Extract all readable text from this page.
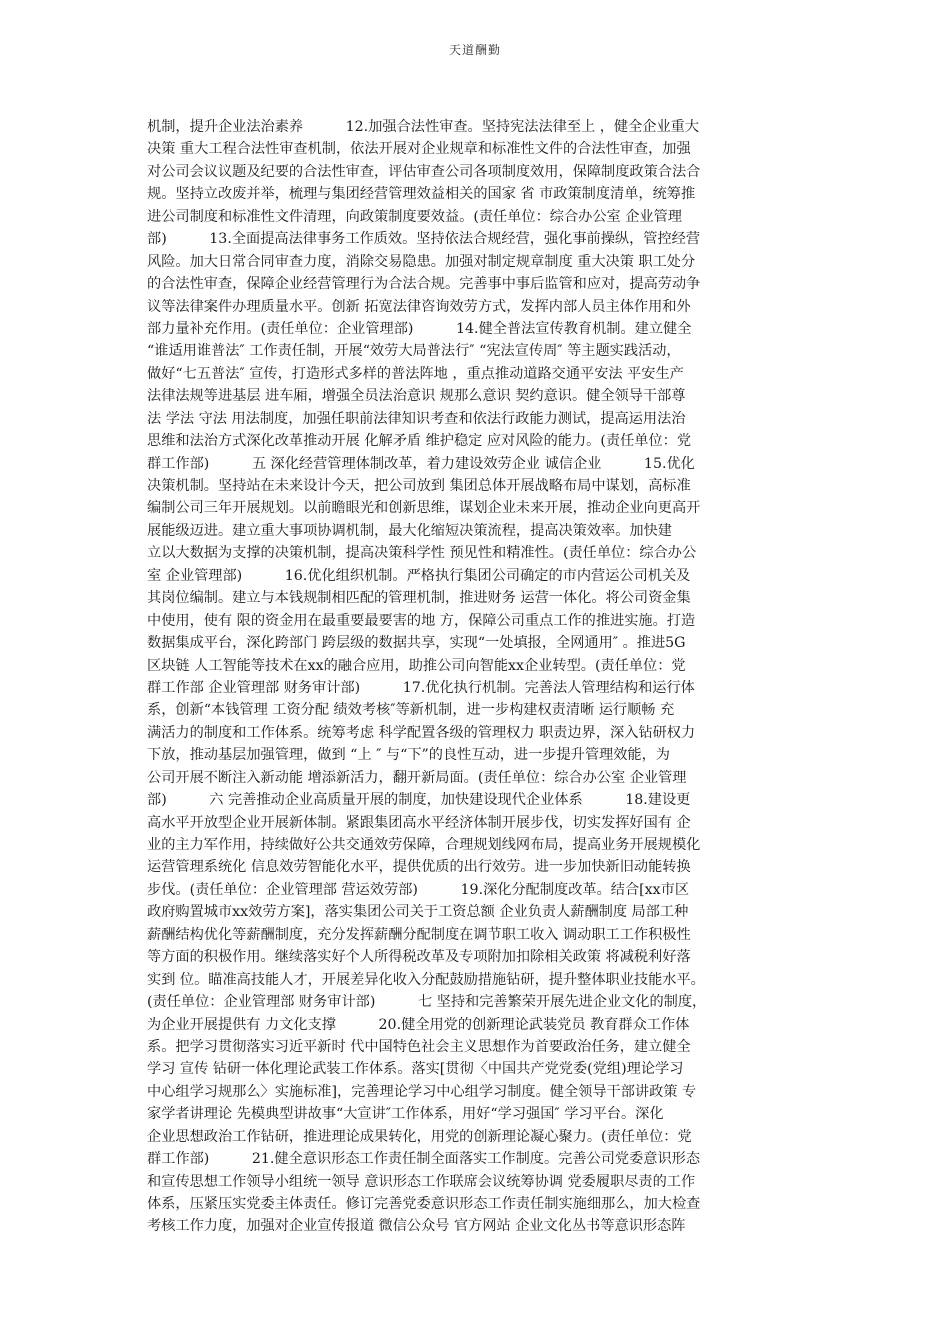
天道酬勤

机制，提升企业法治素养　　　12.加强合法性审查。坚持宪法法律至上 ，健全企业重大
决策 重大工程合法性审查机制，依法开展对企业规章和标准性文件的合法性审查，加强
对公司会议议题及纪要的合法性审查，评估审查公司各项制度效用，保障制度政策合法合
规。坚持立改废并举，梳理与集团经营管理效益相关的国家 省 市政策制度清单，统筹推
进公司制度和标准性文件清理，向政策制度要效益。(责任单位：综合办公室 企业管理
部)　　　13.全面提高法律事务工作质效。坚持依法合规经营，强化事前操纵，管控经营
风险。加大日常合同审查力度，消除交易隐患。加强对制定规章制度 重大决策 职工处分
的合法性审查，保障企业经营管理行为合法合规。完善事中事后监管和应对，提高劳动争
议等法律案件办理质量水平。创新 拓宽法律咨询效劳方式，发挥内部人员主体作用和外
部力量补充作用。(责任单位：企业管理部)　　　14.健全普法宣传教育机制。建立健全
“谁适用谁普法″ 工作责任制，开展“效劳大局普法行″ “宪法宣传周″ 等主题实践活动，
做好“七五普法″ 宣传，打造形式多样的普法阵地 ，重点推动道路交通平安法 平安生产
法律法规等进基层 进车厢，增强全员法治意识 规那么意识 契约意识。健全领导干部尊
法 学法 守法 用法制度，加强任职前法律知识考查和依法行政能力测试，提高运用法治
思维和法治方式深化改革推动开展 化解矛盾 维护稳定 应对风险的能力。(责任单位：党
群工作部)　　　五 深化经营管理体制改革，着力建设效劳企业 诚信企业　　　15.优化
决策机制。坚持站在未来设计今天，把公司放到 集团总体开展战略布局中谋划，高标准
编制公司三年开展规划。以前瞻眼光和创新思维，谋划企业未来开展，推动企业向更高开
展能级迈进。建立重大事项协调机制，最大化缩短决策流程，提高决策效率。加快建
立以大数据为支撑的决策机制，提高决策科学性 预见性和精准性。(责任单位：综合办公
室 企业管理部)　　　16.优化组织机制。严格执行集团公司确定的市内营运公司机关及
其岗位编制。建立与本钱规制相匹配的管理机制，推进财务 运营一体化。将公司资金集
中使用，使有 限的资金用在最重要最要害的地 方，保障公司重点工作的推进实施。打造
数据集成平台，深化跨部门 跨层级的数据共享，实现“一处填报，全网通用″ 。推进5G
区块链 人工智能等技术在xx的融合应用，助推公司向智能xx企业转型。(责任单位：党
群工作部 企业管理部 财务审计部)　　　17.优化执行机制。完善法人管理结构和运行体
系，创新“本钱管理 工资分配 绩效考核″等新机制，进一步构建权责清晰 运行顺畅 充
满活力的制度和工作体系。统筹考虑 科学配置各级的管理权力 职责边界，深入钻研权力
下放，推动基层加强管理，做到 “上 ″ 与“下”的良性互动，进一步提升管理效能，为
公司开展不断注入新动能 增添新活力，翻开新局面。(责任单位：综合办公室 企业管理
部)　　　六 完善推动企业高质量开展的制度，加快建设现代企业体系　　　18.建设更
高水平开放型企业开展新体制。紧跟集团高水平经济体制开展步伐，切实发挥好国有 企
业的主力军作用，持续做好公共交通效劳保障，合理规划线网布局，提高业务开展规模化
运营管理系统化 信息效劳智能化水平，提供优质的出行效劳。进一步加快新旧动能转换
步伐。(责任单位：企业管理部 营运效劳部)　　　19.深化分配制度改革。结合[xx市区
政府购置城市xx效劳方案]，落实集团公司关于工资总额 企业负责人薪酬制度 局部工种
薪酬结构优化等薪酬制度，充分发挥薪酬分配制度在调节职工收入 调动职工工作积极性
等方面的积极作用。继续落实好个人所得税改革及专项附加扣除相关政策 将减税利好落
实到 位。瞄准高技能人才，开展差异化收入分配鼓励措施钻研，提升整体职业技能水平。
(责任单位：企业管理部 财务审计部)　　　七 坚持和完善繁荣开展先进企业文化的制度，
为企业开展提供有 力文化支撑　　　20.健全用党的创新理论武装党员 教育群众工作体
系。把学习贯彻落实习近平新时 代中国特色社会主义思想作为首要政治任务，建立健全
学习 宣传 钻研一体化理论武装工作体系。落实[贯彻〈中国共产党党委(党组)理论学习
中心组学习规那么〉实施标准]，完善理论学习中心组学习制度。健全领导干部讲政策 专
家学者讲理论 先模典型讲故事“大宣讲″工作体系，用好“学习强国″ 学习平台。深化
企业思想政治工作钻研，推进理论成果转化，用党的创新理论凝心聚力。(责任单位：党
群工作部)　　　21.健全意识形态工作责任制全面落实工作制度。完善公司党委意识形态
和宣传思想工作领导小组统一领导 意识形态工作联席会议统筹协调 党委履职尽责的工作
体系，压紧压实党委主体责任。修订完善党委意识形态工作责任制实施细那么，加大检查
考核工作力度，加强对企业宣传报道 微信公众号 官方网站 企业文化丛书等意识形态阵
